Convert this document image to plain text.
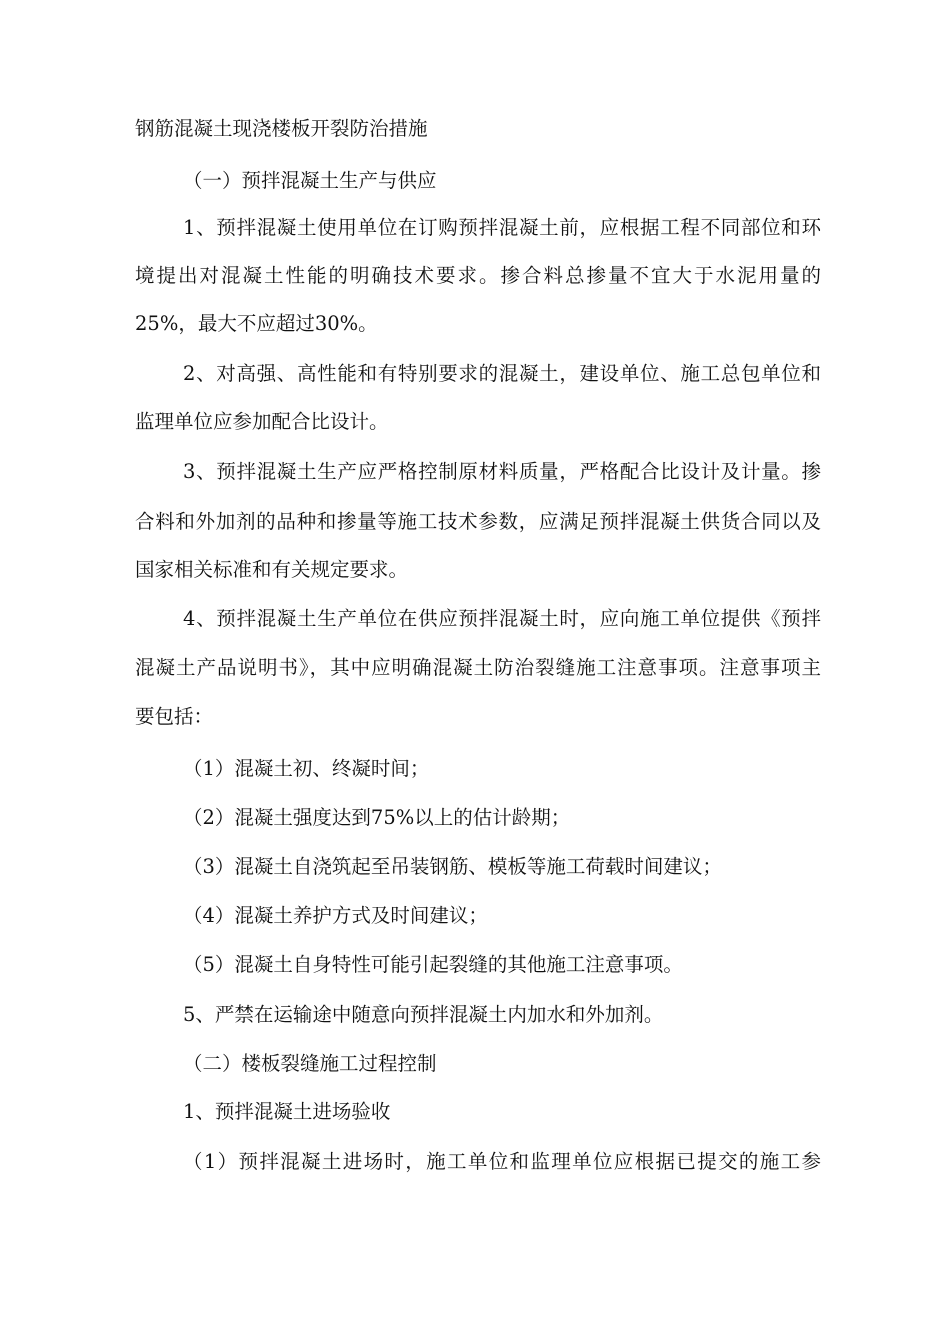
钢筋混凝土现浇楼板开裂防治措施

（一）预拌混凝土生产与供应

1、预拌混凝土使用单位在订购预拌混凝土前，应根据工程不同部位和环

境提出对混凝土性能的明确技术要求。掺合料总掺量不宜大于水泥用量的

25%，最大不应超过30%。

2、对高强、高性能和有特别要求的混凝土，建设单位、施工总包单位和

监理单位应参加配合比设计。

3、预拌混凝土生产应严格控制原材料质量，严格配合比设计及计量。掺

合料和外加剂的品种和掺量等施工技术参数，应满足预拌混凝土供货合同以及

国家相关标准和有关规定要求。

4、预拌混凝土生产单位在供应预拌混凝土时，应向施工单位提供《预拌

混凝土产品说明书》，其中应明确混凝土防治裂缝施工注意事项。注意事项主

要包括：

（1）混凝土初、终凝时间；

（2）混凝土强度达到75%以上的估计龄期；

（3）混凝土自浇筑起至吊装钢筋、模板等施工荷载时间建议；

（4）混凝土养护方式及时间建议；

（5）混凝土自身特性可能引起裂缝的其他施工注意事项。

5、严禁在运输途中随意向预拌混凝土内加水和外加剂。

（二）楼板裂缝施工过程控制

1、预拌混凝土进场验收

（1）预拌混凝土进场时，施工单位和监理单位应根据已提交的施工参
